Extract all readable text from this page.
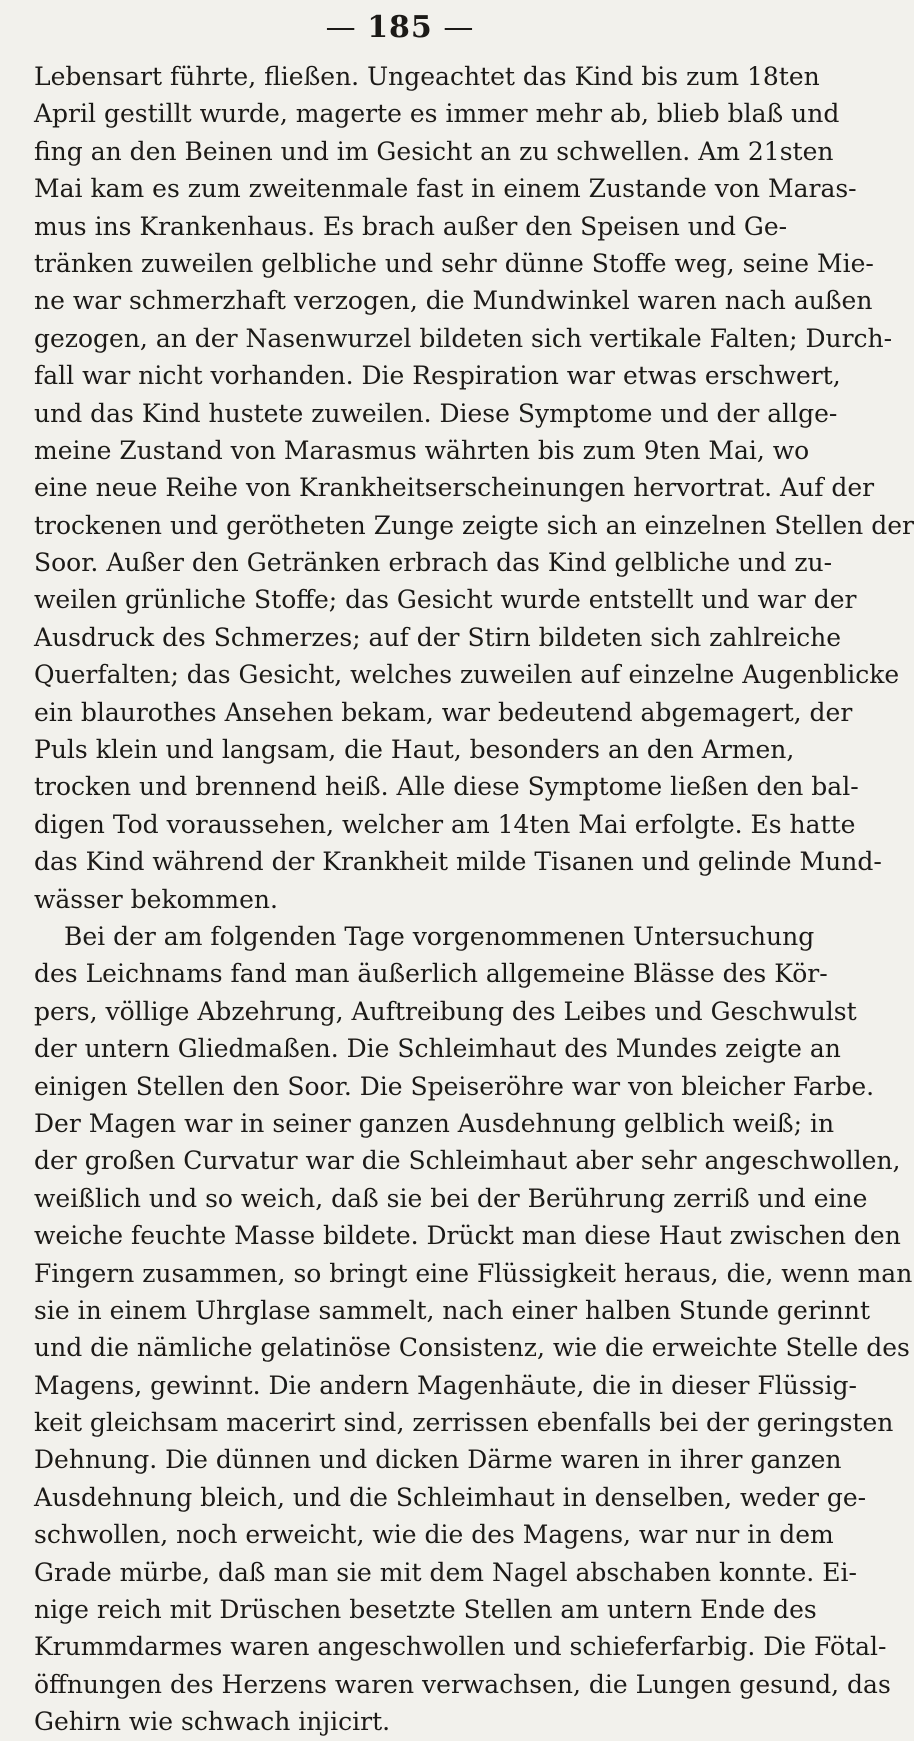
— 185 —
Lebensart führte, fließen. Ungeachtet das Kind bis zum 18ten
April gestillt wurde, magerte es immer mehr ab, blieb blaß und
fing an den Beinen und im Gesicht an zu schwellen. Am 21sten
Mai kam es zum zweitenmale fast in einem Zustande von Maras-
mus ins Krankenhaus. Es brach außer den Speisen und Ge-
tränken zuweilen gelbliche und sehr dünne Stoffe weg, seine Mie-
ne war schmerzhaft verzogen, die Mundwinkel waren nach außen
gezogen, an der Nasenwurzel bildeten sich vertikale Falten; Durch-
fall war nicht vorhanden. Die Respiration war etwas erschwert,
und das Kind hustete zuweilen. Diese Symptome und der allge-
meine Zustand von Marasmus währten bis zum 9ten Mai, wo
eine neue Reihe von Krankheitserscheinungen hervortrat. Auf der
trockenen und gerötheten Zunge zeigte sich an einzelnen Stellen der
Soor. Außer den Getränken erbrach das Kind gelbliche und zu-
weilen grünliche Stoffe; das Gesicht wurde entstellt und war der
Ausdruck des Schmerzes; auf der Stirn bildeten sich zahlreiche
Querfalten; das Gesicht, welches zuweilen auf einzelne Augenblicke
ein blaurothes Ansehen bekam, war bedeutend abgemagert, der
Puls klein und langsam, die Haut, besonders an den Armen,
trocken und brennend heiß. Alle diese Symptome ließen den bal-
digen Tod voraussehen, welcher am 14ten Mai erfolgte. Es hatte
das Kind während der Krankheit milde Tisanen und gelinde Mund-
wässer bekommen.
Bei der am folgenden Tage vorgenommenen Untersuchung
des Leichnams fand man äußerlich allgemeine Blässe des Kör-
pers, völlige Abzehrung, Auftreibung des Leibes und Geschwulst
der untern Gliedmaßen. Die Schleimhaut des Mundes zeigte an
einigen Stellen den Soor. Die Speiseröhre war von bleicher Farbe.
Der Magen war in seiner ganzen Ausdehnung gelblich weiß; in
der großen Curvatur war die Schleimhaut aber sehr angeschwollen,
weißlich und so weich, daß sie bei der Berührung zerriß und eine
weiche feuchte Masse bildete. Drückt man diese Haut zwischen den
Fingern zusammen, so bringt eine Flüssigkeit heraus, die, wenn man
sie in einem Uhrglase sammelt, nach einer halben Stunde gerinnt
und die nämliche gelatinöse Consistenz, wie die erweichte Stelle des
Magens, gewinnt. Die andern Magenhäute, die in dieser Flüssig-
keit gleichsam macerirt sind, zerrissen ebenfalls bei der geringsten
Dehnung. Die dünnen und dicken Därme waren in ihrer ganzen
Ausdehnung bleich, und die Schleimhaut in denselben, weder ge-
schwollen, noch erweicht, wie die des Magens, war nur in dem
Grade mürbe, daß man sie mit dem Nagel abschaben konnte. Ei-
nige reich mit Drüschen besetzte Stellen am untern Ende des
Krummdarmes waren angeschwollen und schieferfarbig. Die Fötal-
öffnungen des Herzens waren verwachsen, die Lungen gesund, das
Gehirn wie schwach injicirt.
